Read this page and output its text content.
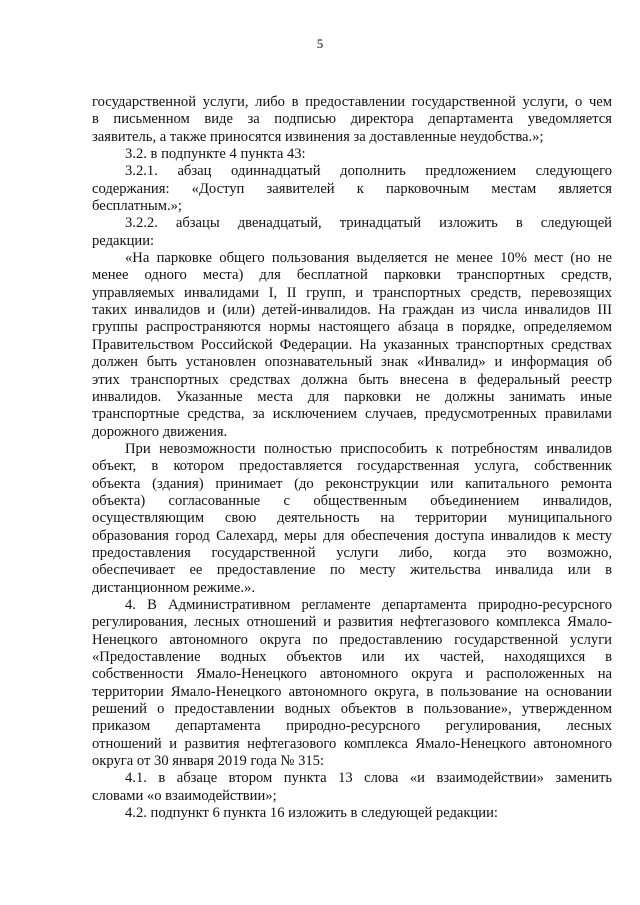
5
государственной услуги, либо в предоставлении государственной услуги, о чем
в письменном виде за подписью директора департамента уведомляется
заявитель, а также приносятся извинения за доставленные неудобства.»;
3.2. в подпункте 4 пункта 43:
3.2.1. абзац одиннадцатый дополнить предложением следующего
содержания: «Доступ заявителей к парковочным местам является
бесплатным.»;
3.2.2. абзацы двенадцатый, тринадцатый изложить в следующей
редакции:
«На парковке общего пользования выделяется не менее 10% мест (но не
менее одного места) для бесплатной парковки транспортных средств,
управляемых инвалидами I, II групп, и транспортных средств, перевозящих
таких инвалидов и (или) детей-инвалидов. На граждан из числа инвалидов III
группы распространяются нормы настоящего абзаца в порядке, определяемом
Правительством Российской Федерации. На указанных транспортных средствах
должен быть установлен опознавательный знак «Инвалид» и информация об
этих транспортных средствах должна быть внесена в федеральный реестр
инвалидов. Указанные места для парковки не должны занимать иные
транспортные средства, за исключением случаев, предусмотренных правилами
дорожного движения.
При невозможности полностью приспособить к потребностям инвалидов
объект, в котором предоставляется государственная услуга, собственник
объекта (здания) принимает (до реконструкции или капитального ремонта
объекта) согласованные с общественным объединением инвалидов,
осуществляющим свою деятельность на территории муниципального
образования город Салехард, меры для обеспечения доступа инвалидов к месту
предоставления государственной услуги либо, когда это возможно,
обеспечивает ее предоставление по месту жительства инвалида или в
дистанционном режиме.».
4. В Административном регламенте департамента природно-ресурсного
регулирования, лесных отношений и развития нефтегазового комплекса Ямало-
Ненецкого автономного округа по предоставлению государственной услуги
«Предоставление водных объектов или их частей, находящихся в
собственности Ямало-Ненецкого автономного округа и расположенных на
территории Ямало-Ненецкого автономного округа, в пользование на основании
решений о предоставлении водных объектов в пользование», утвержденном
приказом департамента природно-ресурсного регулирования, лесных
отношений и развития нефтегазового комплекса Ямало-Ненецкого автономного
округа от 30 января 2019 года № 315:
4.1. в абзаце втором пункта 13 слова «и взаимодействии» заменить
словами «о взаимодействии»;
4.2. подпункт 6 пункта 16 изложить в следующей редакции:
